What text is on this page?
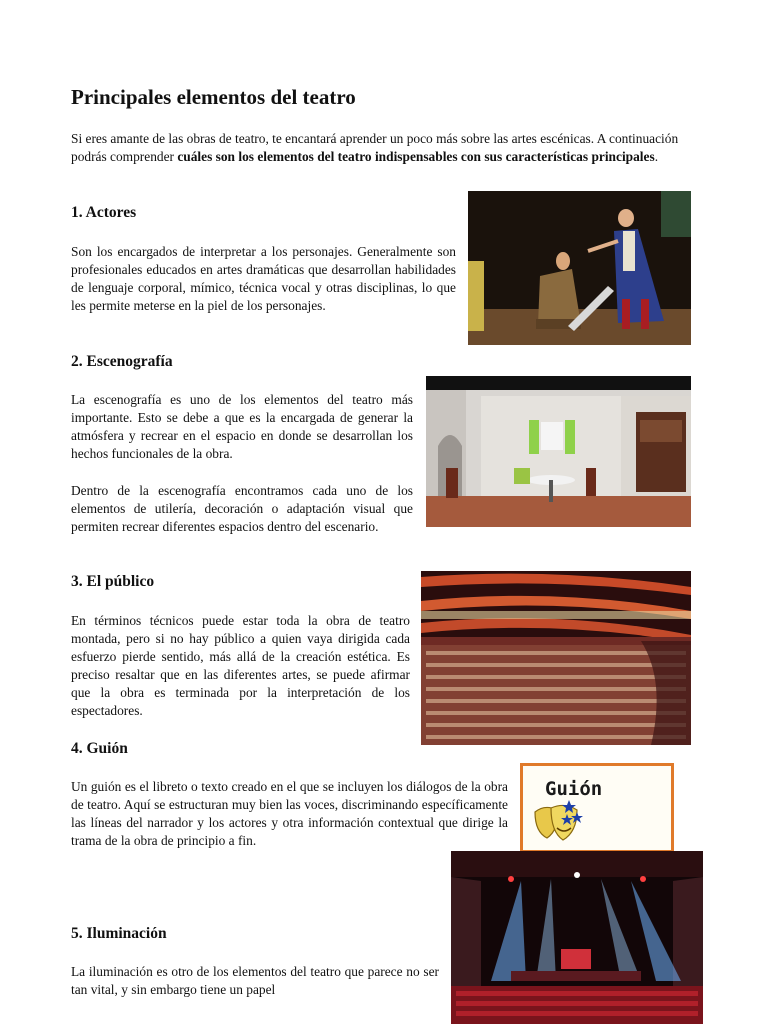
Principales elementos del teatro

Si eres amante de las obras de teatro, te encantará aprender un poco más sobre las artes escénicas. A continuación podrás comprender cuáles son los elementos del teatro indispensables con sus características principales.

1. Actores

Son los encargados de interpretar a los personajes. Generalmente son profesionales educados en artes dramáticas que desarrollan habilidades de lenguaje corporal, mímico, técnica vocal y otras disciplinas, lo que les permite meterse en la piel de los personajes.

2. Escenografía

La escenografía es uno de los elementos del teatro más importante. Esto se debe a que es la encargada de generar la atmósfera y recrear en el espacio en donde se desarrollan los hechos funcionales de la obra.

Dentro de la escenografía encontramos cada uno de los elementos de utilería, decoración o adaptación visual que permiten recrear diferentes espacios dentro del escenario.

3. El público

En términos técnicos puede estar toda la obra de teatro montada, pero si no hay público a quien vaya dirigida cada esfuerzo pierde sentido, más allá de la creación estética. Es preciso resaltar que en las diferentes artes, se puede afirmar que la obra es terminada por la interpretación de los espectadores.

4. Guión

Un guión es el libreto o texto creado en el que se incluyen los diálogos de la obra de teatro. Aquí se estructuran muy bien las voces, discriminando específicamente las líneas del narrador y los actores y otra información contextual que dirige la trama de la obra de principio a fin.

Guión
5. Iluminación

La iluminación es otro de los elementos del teatro que parece no ser tan vital, y sin embargo tiene un papel
